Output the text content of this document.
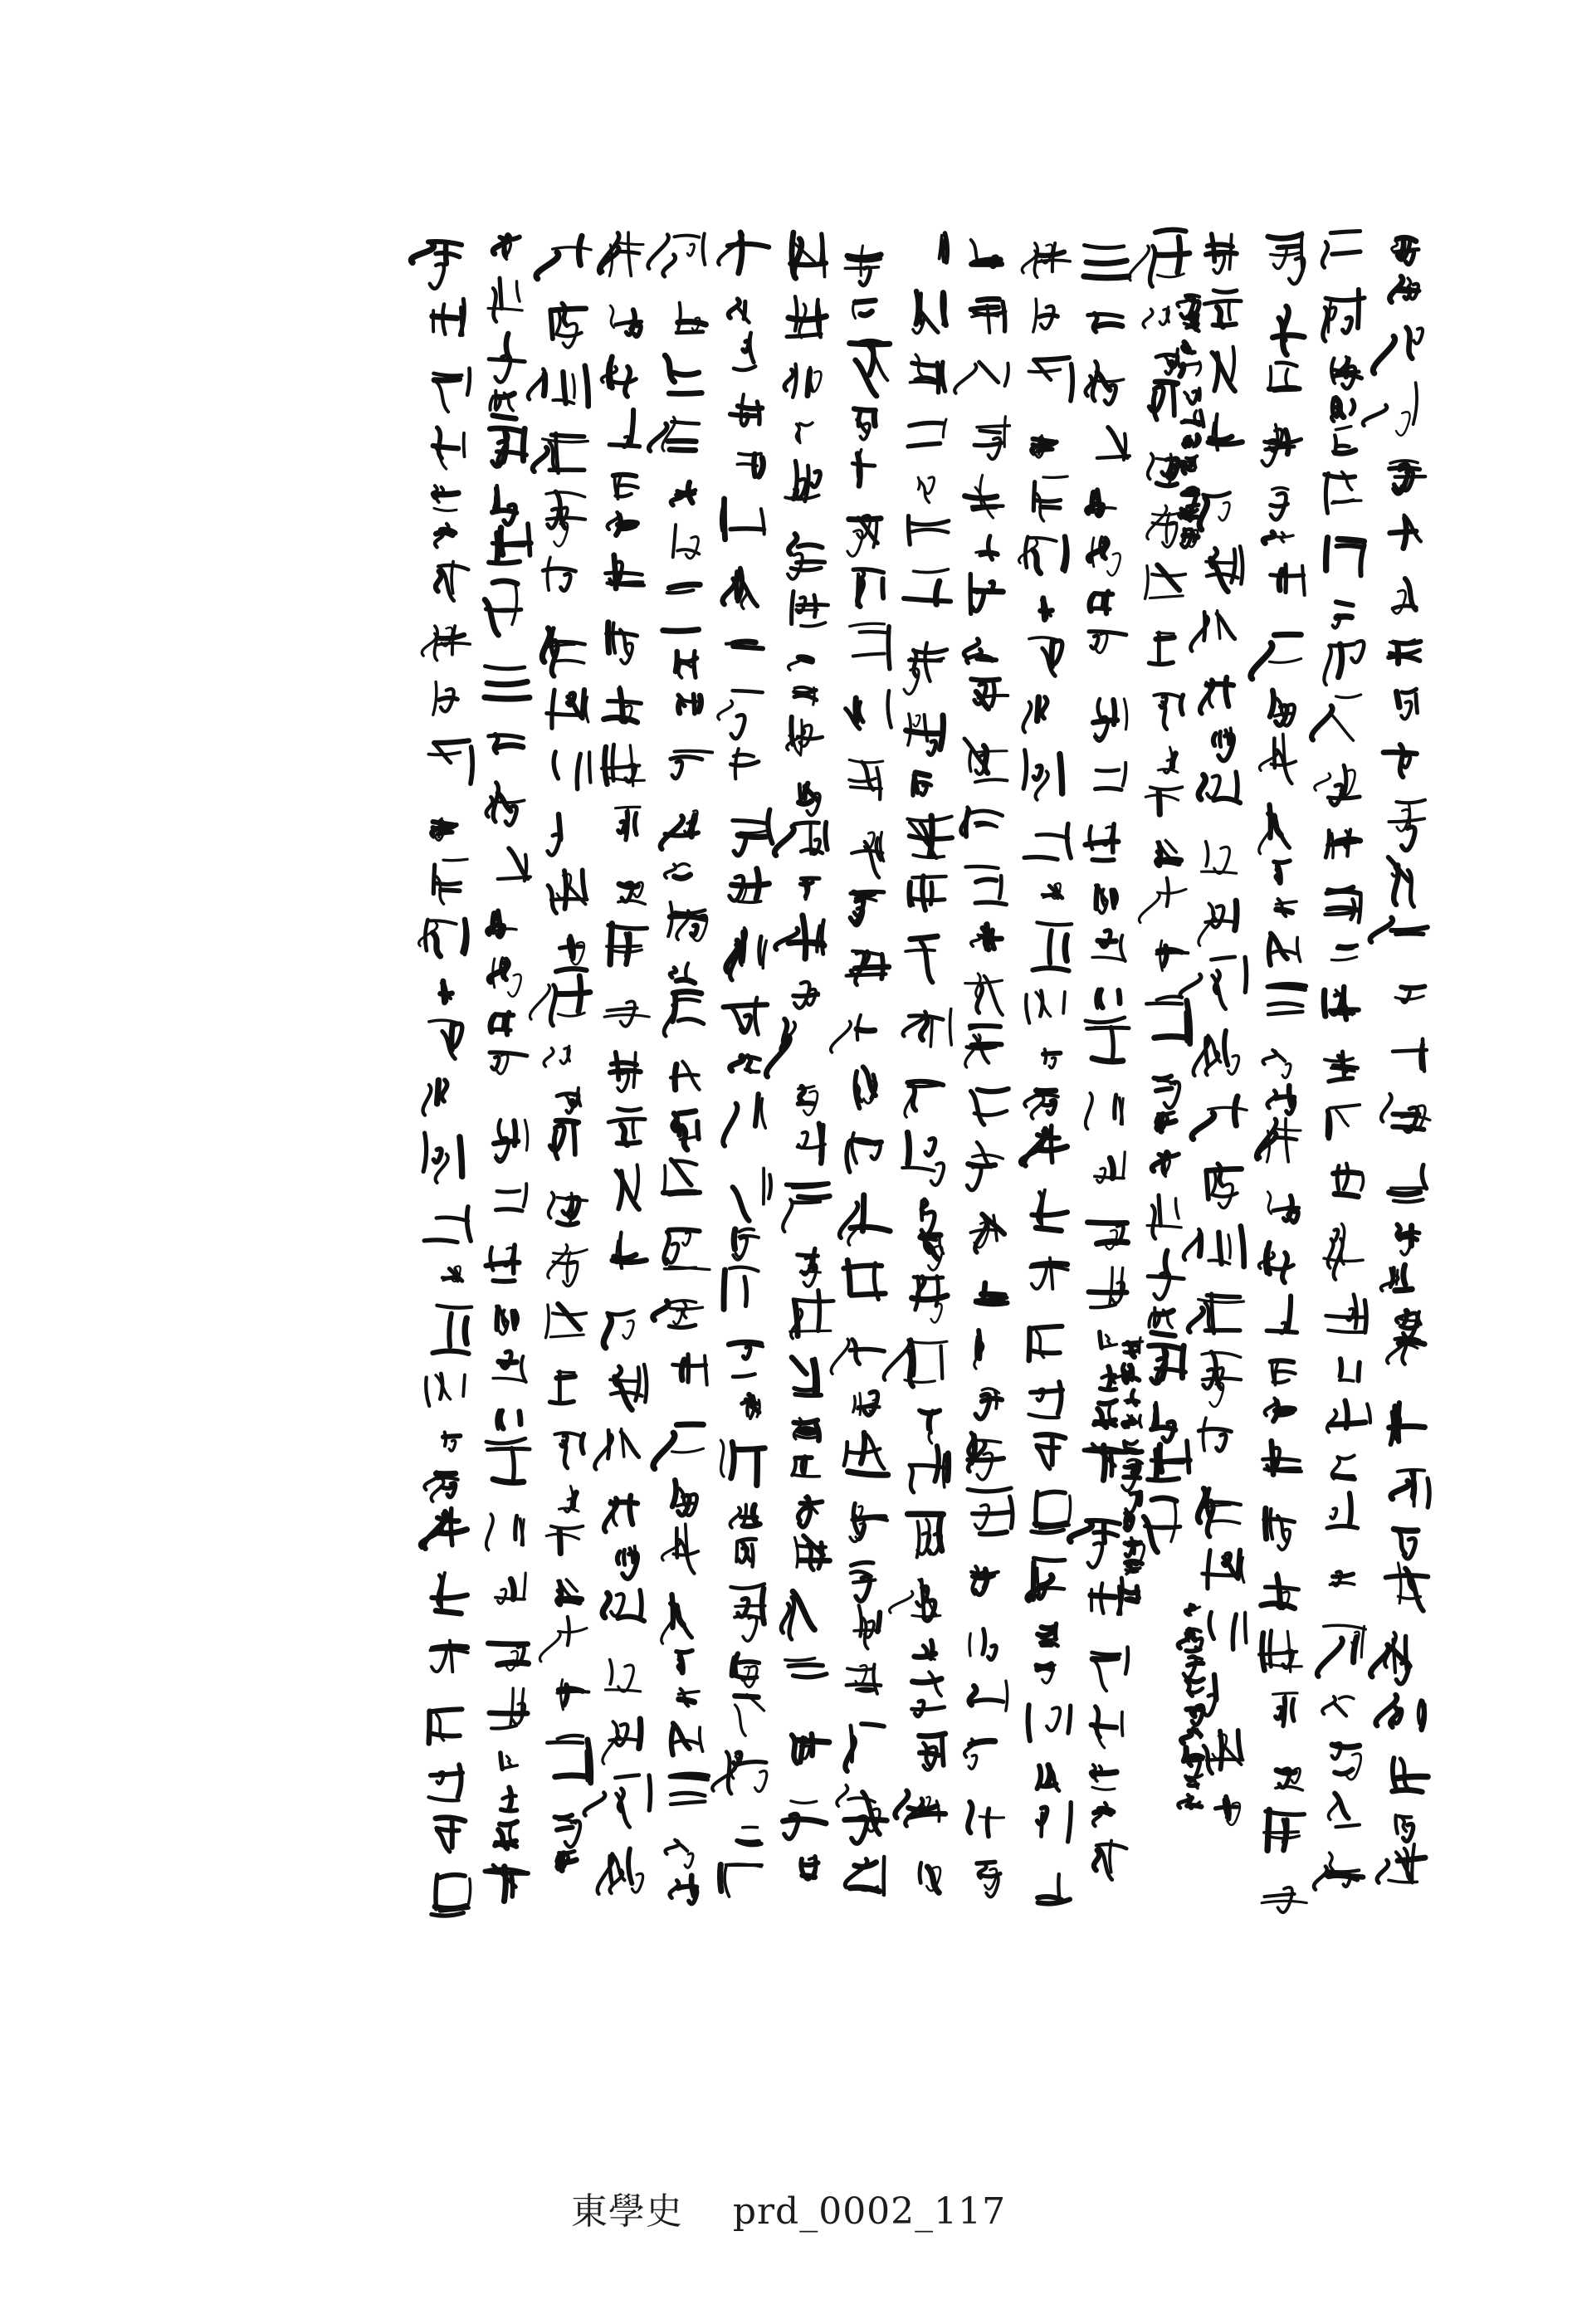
東學史 prd_0002_117
